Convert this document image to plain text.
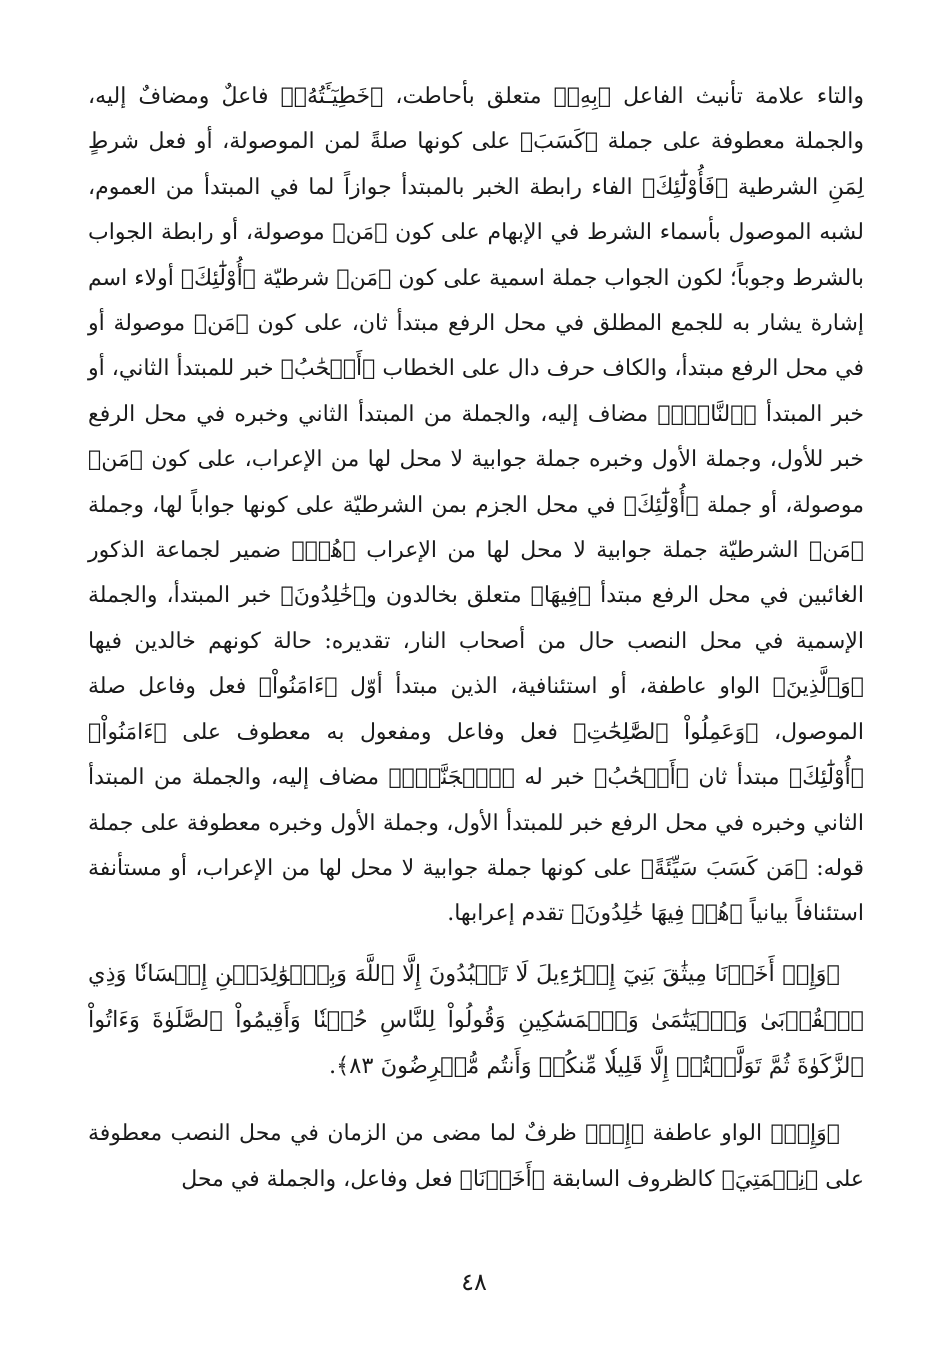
والتاء علامة تأنيث الفاعل ﴿بِهِۦ﴾ متعلق بأحاطت، ﴿خَطِيٓـَٔتُهُۥ﴾ فاعلٌ ومضافٌ إليه، والجملة معطوفة على جملة ﴿كَسَبَ﴾ على كونها صلةً لمن الموصولة، أو فعل شرطٍ لِمَنِ الشرطية ﴿فَأُوْلَٰٓئِكَ﴾ الفاء رابطة الخبر بالمبتدأ جوازاً لما في المبتدأ من العموم، لشبه الموصول بأسماء الشرط في الإبهام على كون ﴿مَن﴾ موصولة، أو رابطة الجواب بالشرط وجوباً؛ لكون الجواب جملة اسمية على كون ﴿مَن﴾ شرطيّة ﴿أُوْلَٰٓئِكَ﴾ أولاء اسم إشارة يشار به للجمع المطلق في محل الرفع مبتدأ ثان، على كون ﴿مَن﴾ موصولة أو في محل الرفع مبتدأ، والكاف حرف دال على الخطاب ﴿أَصۡحَٰبُ﴾ خبر للمبتدأ الثاني، أو خبر المبتدأ ﴿ٱلنَّارِۖ﴾ مضاف إليه، والجملة من المبتدأ الثاني وخبره في محل الرفع خبر للأول، وجملة الأول وخبره جملة جوابية لا محل لها من الإعراب، على كون ﴿مَن﴾ موصولة، أو جملة ﴿أُوْلَٰٓئِكَ﴾ في محل الجزم بمن الشرطيّة على كونها جواباً لها، وجملة ﴿مَن﴾ الشرطيّة جملة جوابية لا محل لها من الإعراب ﴿هُمۡ﴾ ضمير لجماعة الذكور الغائبين في محل الرفع مبتدأ ﴿فِيهَا﴾ متعلق بخالدون و﴿خَٰلِدُونَ﴾ خبر المبتدأ، والجملة الإسمية في محل النصب حال من أصحاب النار، تقديره: حالة كونهم خالدين فيها ﴿وَٱلَّذِينَ﴾ الواو عاطفة، أو استئنافية، الذين مبتدأ أوّل ﴿ءَامَنُواْ﴾ فعل وفاعل صلة الموصول، ﴿وَعَمِلُواْ ٱلصَّٰلِحَٰتِ﴾ فعل وفاعل ومفعول به معطوف على ﴿ءَامَنُواْ﴾ ﴿أُوْلَٰٓئِكَ﴾ مبتدأ ثان ﴿أَصۡحَٰبُ﴾ خبر له ﴿ٱلۡجَنَّةِۖ﴾ مضاف إليه، والجملة من المبتدأ الثاني وخبره في محل الرفع خبر للمبتدأ الأول، وجملة الأول وخبره معطوفة على جملة قوله: ﴿مَن كَسَبَ سَيِّئَةً﴾ على كونها جملة جوابية لا محل لها من الإعراب، أو مستأنفة استئنافاً بيانياً ﴿هُمۡ فِيهَا خَٰلِدُونَ﴾ تقدم إعرابها.

﴿وَإِذۡ أَخَذۡنَا مِيثَٰقَ بَنِيٓ إِسۡرَٰٓءِيلَ لَا تَعۡبُدُونَ إِلَّا ٱللَّهَ وَبِٱلۡوَٰلِدَيۡنِ إِحۡسَانٗا وَذِي ٱلۡقُرۡبَىٰ وَٱلۡيَتَٰمَىٰ وَٱلۡمَسَٰكِينِ وَقُولُواْ لِلنَّاسِ حُسۡنٗا وَأَقِيمُواْ ٱلصَّلَوٰةَ وَءَاتُواْ ٱلزَّكَوٰةَ ثُمَّ تَوَلَّيۡتُمۡ إِلَّا قَلِيلٗا مِّنكُمۡ وَأَنتُم مُّعۡرِضُونَ ٨٣﴾.

﴿وَإِذۡ﴾ الواو عاطفة ﴿إِذۡ﴾ ظرفٌ لما مضى من الزمان في محل النصب معطوفة على ﴿نِعۡمَتِيَ﴾ كالظروف السابقة ﴿أَخَذۡنَا﴾ فعل وفاعل، والجملة في محل

٤٨
